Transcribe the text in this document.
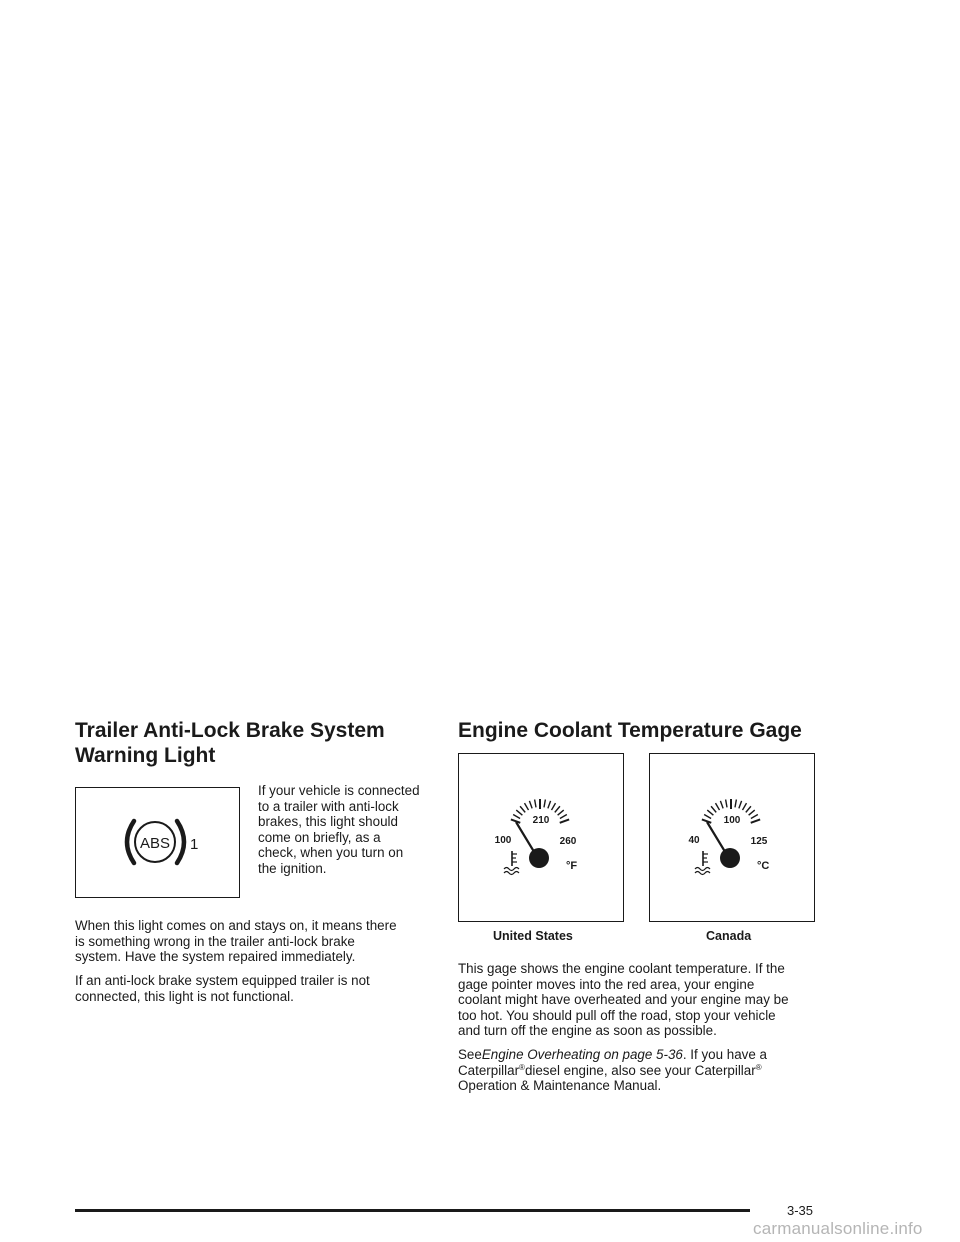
Trailer Anti-Lock Brake System
Warning Light
ABS 1
If your vehicle is connected
to a trailer with anti-lock
brakes, this light should
come on briefly, as a
check, when you turn on
the ignition.
When this light comes on and stays on, it means there
is something wrong in the trailer anti-lock brake
system. Have the system repaired immediately.
If an anti-lock brake system equipped trailer is not
connected, this light is not functional.
Engine Coolant Temperature Gage
100
210
260
°F
40
100
125
°C
United States	Canada
This gage shows the engine coolant temperature. If the
gage pointer moves into the red area, your engine
coolant might have overheated and your engine may be
too hot. You should pull off the road, stop your vehicle
and turn off the engine as soon as possible.
SeeEngine Overheating on page 5-36. If you have a
Caterpillar®diesel engine, also see your Caterpillar®
Operation & Maintenance Manual.
3-35
carmanualsonline.info
